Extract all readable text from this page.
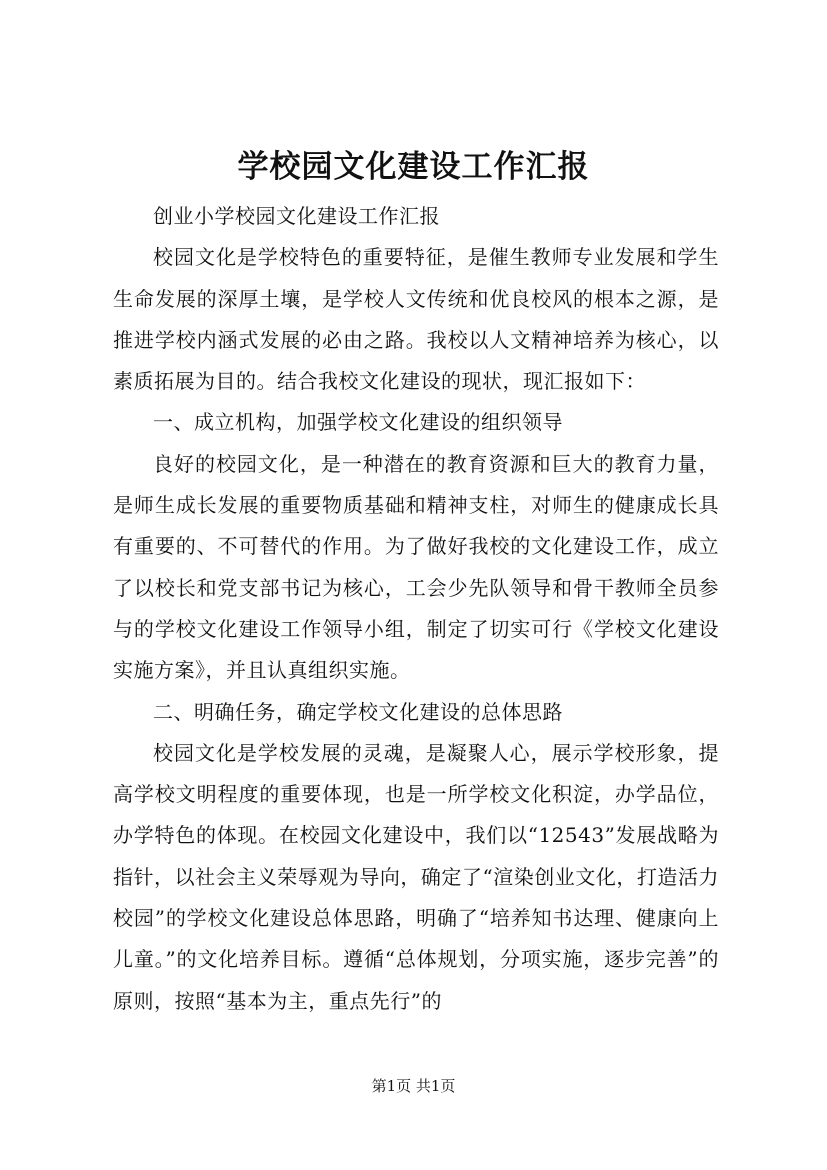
学校园文化建设工作汇报

创业小学校园文化建设工作汇报

校园文化是学校特色的重要特征，是催生教师专业发展和学生生命发展的深厚土壤，是学校人文传统和优良校风的根本之源，是推进学校内涵式发展的必由之路。我校以人文精神培养为核心，以素质拓展为目的。结合我校文化建设的现状，现汇报如下：

一、成立机构，加强学校文化建设的组织领导

良好的校园文化，是一种潜在的教育资源和巨大的教育力量，是师生成长发展的重要物质基础和精神支柱，对师生的健康成长具有重要的、不可替代的作用。为了做好我校的文化建设工作，成立了以校长和党支部书记为核心，工会少先队领导和骨干教师全员参与的学校文化建设工作领导小组，制定了切实可行《学校文化建设实施方案》，并且认真组织实施。

二、明确任务，确定学校文化建设的总体思路

校园文化是学校发展的灵魂，是凝聚人心，展示学校形象，提高学校文明程度的重要体现，也是一所学校文化积淀，办学品位，办学特色的体现。在校园文化建设中，我们以“12543”发展战略为指针，以社会主义荣辱观为导向，确定了“渲染创业文化，打造活力校园”的学校文化建设总体思路，明确了“培养知书达理、健康向上儿童。”的文化培养目标。遵循“总体规划，分项实施，逐步完善”的原则，按照“基本为主，重点先行”的

第1页 共1页
